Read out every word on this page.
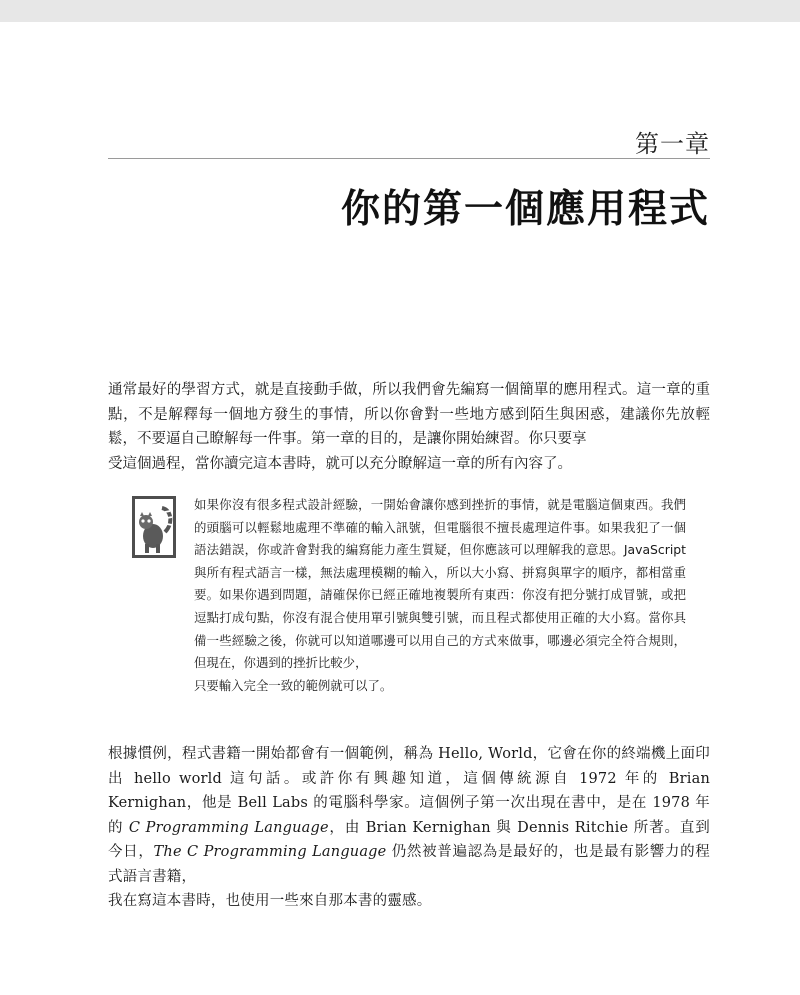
第一章
你的第一個應用程式

通常最好的學習方式，就是直接動手做，所以我們會先編寫一個簡單的應用程式。這一章的重點，不是解釋每一個地方發生的事情，所以你會對一些地方感到陌生與困惑，建議你先放輕鬆，不要逼自己瞭解每一件事。第一章的目的，是讓你開始練習。你只要享
受這個過程，當你讀完這本書時，就可以充分瞭解這一章的所有內容了。

如果你沒有很多程式設計經驗，一開始會讓你感到挫折的事情，就是電腦這個東西。我們的頭腦可以輕鬆地處理不準確的輸入訊號，但電腦很不擅長處理這件事。如果我犯了一個語法錯誤，你或許會對我的編寫能力產生質疑，但你應該可以理解我的意思。JavaScript 與所有程式語言一樣，無法處理模糊的輸入，所以大小寫、拼寫與單字的順序，都相當重要。如果你遇到問題，請確保你已經正確地複製所有東西：你沒有把分號打成冒號，或把逗點打成句點，你沒有混合使用單引號與雙引號，而且程式都使用正確的大小寫。當你具備一些經驗之後，你就可以知道哪邊可以用自己的方式來做事，哪邊必須完全符合規則，但現在，你遇到的挫折比較少，
只要輸入完全一致的範例就可以了。

根據慣例，程式書籍一開始都會有一個範例，稱為 Hello, World，它會在你的終端機上面印出 hello world 這句話。或許你有興趣知道，這個傳統源自 1972 年的 Brian Kernighan，他是 Bell Labs 的電腦科學家。這個例子第一次出現在書中，是在 1978 年的 C Programming Language，由 Brian Kernighan 與 Dennis Ritchie 所著。直到今日，The C Programming Language 仍然被普遍認為是最好的，也是最有影響力的程式語言書籍，
我在寫這本書時，也使用一些來自那本書的靈感。
